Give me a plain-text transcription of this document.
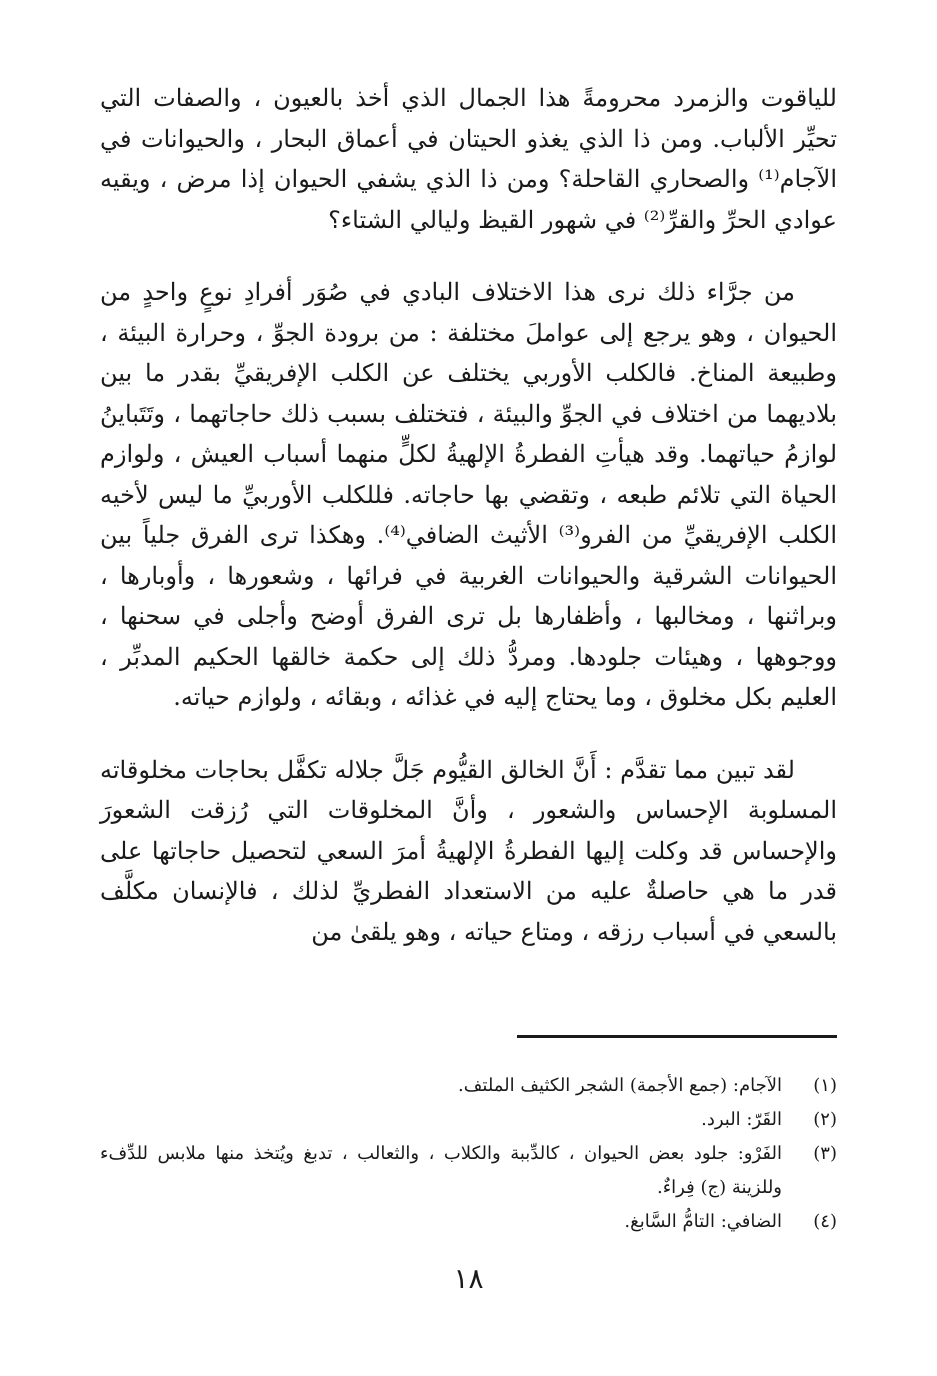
للياقوت والزمرد محرومةً هذا الجمال الذي أخذ بالعيون ، والصفات التي تحيِّر الألباب. ومن ذا الذي يغذو الحيتان في أعماق البحار ، والحيوانات في الآجام⁽¹⁾ والصحاري القاحلة؟ ومن ذا الذي يشفي الحيوان إذا مرض ، ويقيه عوادي الحرِّ والقرِّ⁽²⁾ في شهور القيظ وليالي الشتاء؟

من جرَّاء ذلك نرى هذا الاختلاف البادي في صُوَر أفرادِ نوعٍ واحدٍ من الحيوان ، وهو يرجع إلى عواملَ مختلفة : من برودة الجوِّ ، وحرارة البيئة ، وطبيعة المناخ. فالكلب الأوربي يختلف عن الكلب الإفريقيِّ بقدر ما بين بلاديهما من اختلاف في الجوِّ والبيئة ، فتختلف بسبب ذلك حاجاتهما ، وتَتَباينُ لوازمُ حياتهما. وقد هيأتِ الفطرةُ الإلهيةُ لكلٍّ منهما أسباب العيش ، ولوازم الحياة التي تلائم طبعه ، وتقضي بها حاجاته. فللكلب الأوربيِّ ما ليس لأخيه الكلب الإفريقيِّ من الفرو⁽³⁾ الأثيث الضافي⁽⁴⁾. وهكذا ترى الفرق جلياً بين الحيوانات الشرقية والحيوانات الغربية في فرائها ، وشعورها ، وأوبارها ، وبراثنها ، ومخالبها ، وأظفارها بل ترى الفرق أوضح وأجلى في سحنها ، ووجوهها ، وهيئات جلودها. ومردُّ ذلك إلى حكمة خالقها الحكيم المدبِّر ، العليم بكل مخلوق ، وما يحتاج إليه في غذائه ، وبقائه ، ولوازم حياته.

لقد تبين مما تقدَّم : أَنَّ الخالق القيُّوم جَلَّ جلاله تكفَّل بحاجات مخلوقاته المسلوبة الإحساس والشعور ، وأنَّ المخلوقات التي رُزقت الشعورَ والإحساس قد وكلت إليها الفطرةُ الإلهيةُ أمرَ السعي لتحصيل حاجاتها على قدر ما هي حاصلةٌ عليه من الاستعداد الفطريِّ لذلك ، فالإنسان مكلَّف بالسعي في أسباب رزقه ، ومتاع حياته ، وهو يلقىٰ من

(١)
الآجام: (جمع الأجمة) الشجر الكثيف الملتف.
(٢)
القَرّ: البرد.
(٣)
الفَرْو: جلود بعض الحيوان ، كالدِّببة والكلاب ، والثعالب ، تدبغ ويُتخذ منها ملابس للدِّفء وللزينة (ج) فِراءٌ.
(٤)
الضافي: التامُّ السَّابغ.
١٨
